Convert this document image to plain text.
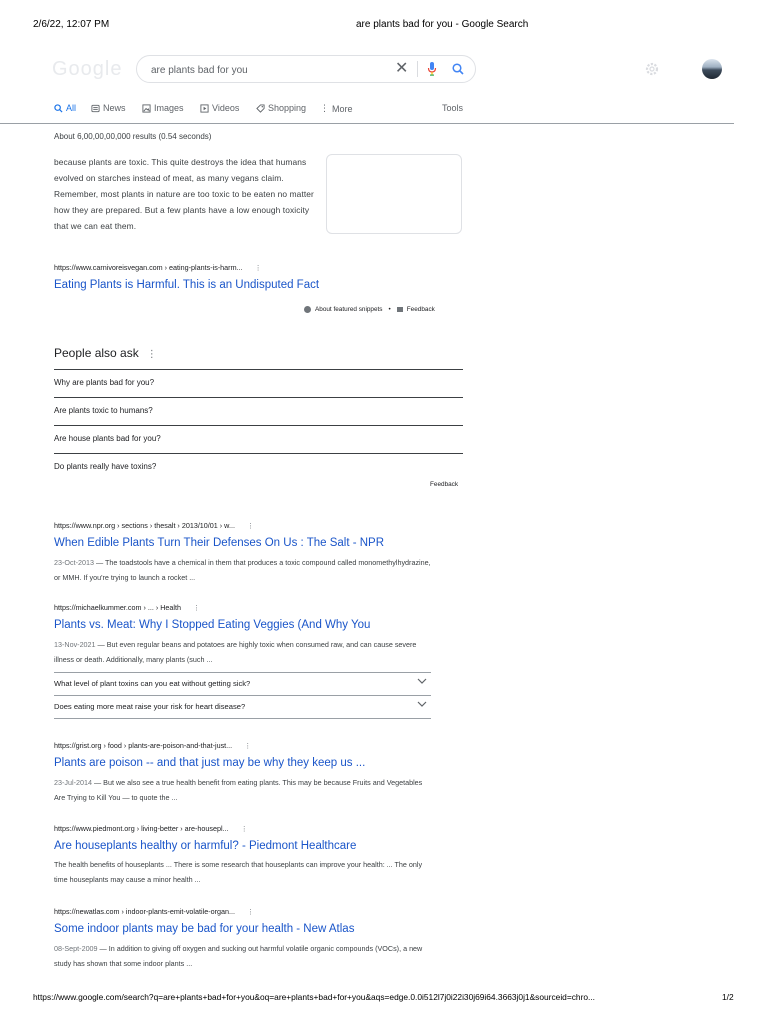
2/6/22, 12:07 PM	are plants bad for you - Google Search
Google
are plants bad for you	✕
All	News	Images	Videos	Shopping ⋮ More	Tools
About 6,00,00,00,000 results (0.54 seconds)
because plants are toxic. This quite destroys the idea that humans evolved on starches instead of meat, as many vegans claim. Remember, most plants in nature are too toxic to be eaten no matter how they are prepared. But a few plants have a low enough toxicity that we can eat them.
https://www.carnivoreisvegan.com › eating-plants-is-harm... ⋮
Eating Plants is Harmful. This is an Undisputed Fact
About featured snippets •	Feedback
People also ask ⋮
Why are plants bad for you?
Are plants toxic to humans?
Are house plants bad for you?
Do plants really have toxins?
Feedback
https://www.npr.org › sections › thesalt › 2013/10/01 › w... ⋮
When Edible Plants Turn Their Defenses On Us : The Salt - NPR
23-Oct-2013 — The toadstools have a chemical in them that produces a toxic compound called monomethylhydrazine, or MMH. If you're trying to launch a rocket ...
https://michaelkummer.com › ... › Health ⋮
Plants vs. Meat: Why I Stopped Eating Veggies (And Why You
13-Nov-2021 — But even regular beans and potatoes are highly toxic when consumed raw, and can cause severe illness or death. Additionally, many plants (such ...
What level of plant toxins can you eat without getting sick?
Does eating more meat raise your risk for heart disease?
https://grist.org › food › plants-are-poison-and-that-just... ⋮
Plants are poison -- and that just may be why they keep us ...
23-Jul-2014 — But we also see a true health benefit from eating plants. This may be because Fruits and Vegetables Are Trying to Kill You — to quote the ...
https://www.piedmont.org › living-better › are-housepl... ⋮
Are houseplants healthy or harmful? - Piedmont Healthcare
The health benefits of houseplants ... There is some research that houseplants can improve your health: ... The only time houseplants may cause a minor health ...
https://newatlas.com › indoor-plants-emit-volatile-organ... ⋮
Some indoor plants may be bad for your health - New Atlas
08-Sept-2009 — In addition to giving off oxygen and sucking out harmful volatile organic compounds (VOCs), a new study has shown that some indoor plants ...
https://www.google.com/search?q=are+plants+bad+for+you&oq=are+plants+bad+for+you&aqs=edge.0.0i512l7j0i22i30j69i64.3663j0j1&sourceid=chro...	1/2
